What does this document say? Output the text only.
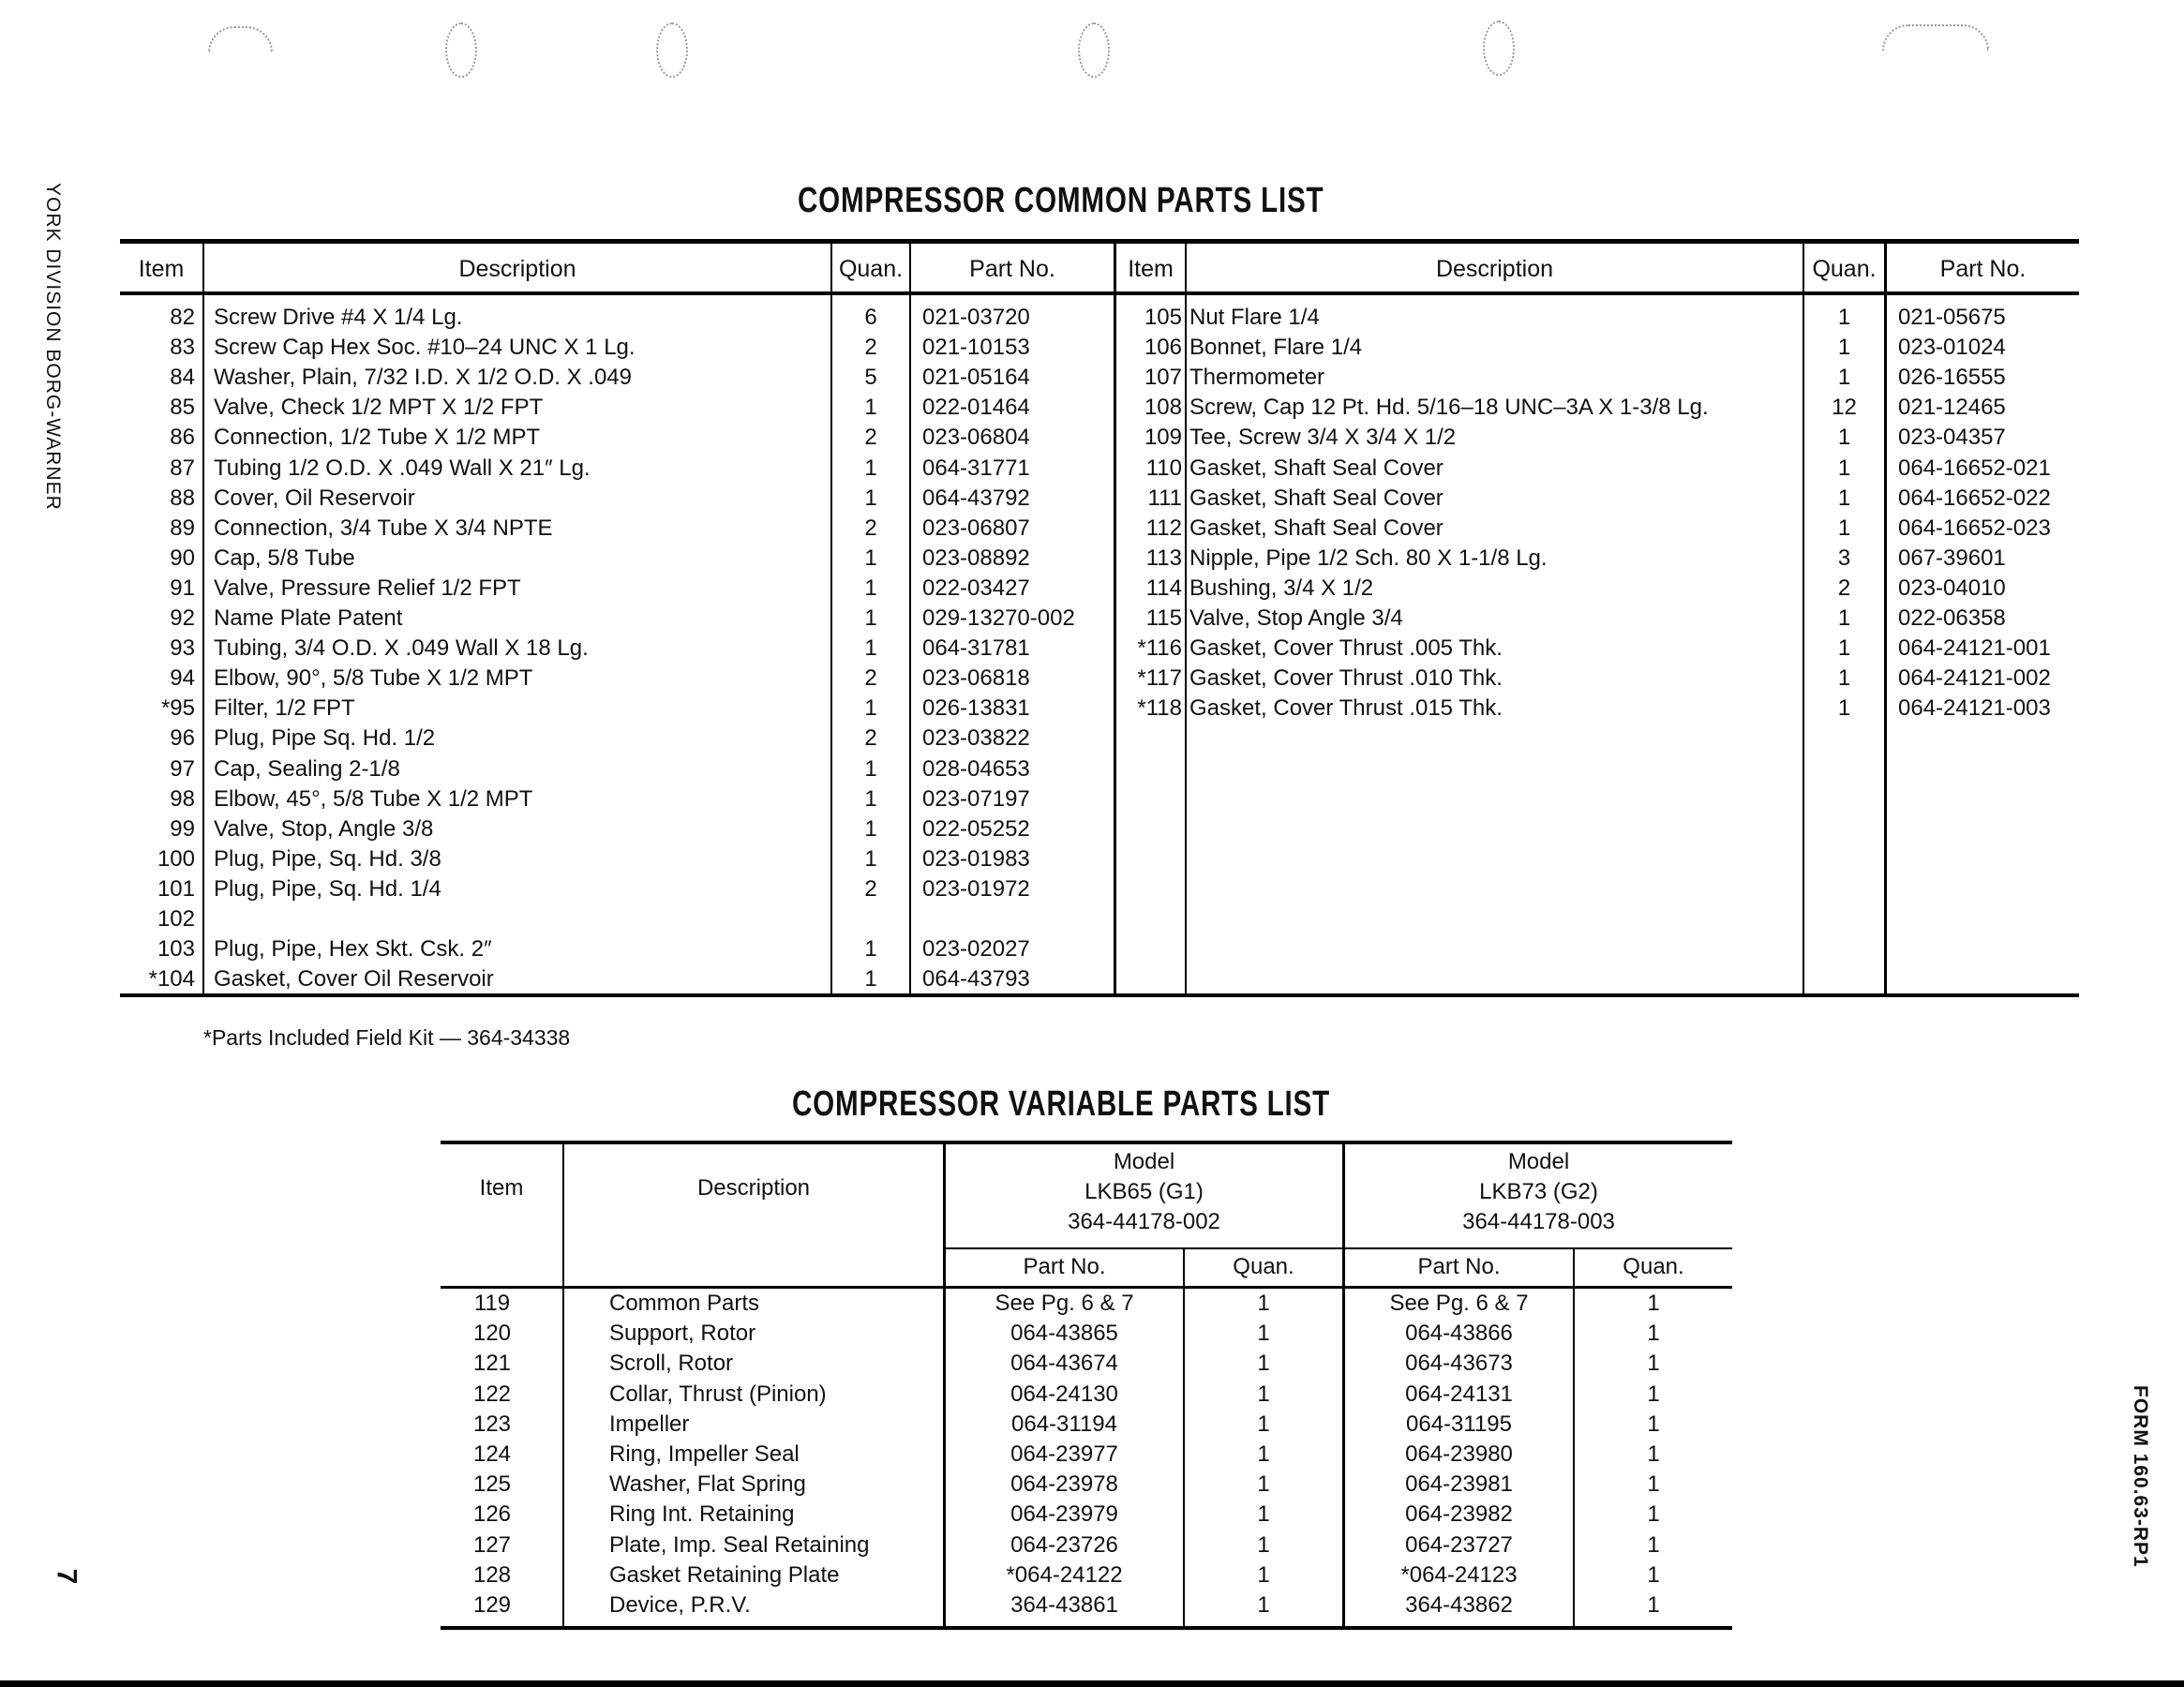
YORK DIVISION BORG-WARNER
FORM 160.63-RP1
7
COMPRESSOR COMMON PARTS LIST
Item	Description	Quan.	Part No.	Item	Description	Quan.	Part No.
82 Screw Drive #4 X 1/4 Lg.	6	021-03720
83 Screw Cap Hex Soc. #10–24 UNC X 1 Lg.	2	021-10153
84 Washer, Plain, 7/32 I.D. X 1/2 O.D. X .049	5	021-05164
85 Valve, Check 1/2 MPT X 1/2 FPT	1	022-01464
86 Connection, 1/2 Tube X 1/2 MPT	2	023-06804
87 Tubing 1/2 O.D. X .049 Wall X 21″ Lg.	1	064-31771
88 Cover, Oil Reservoir	1	064-43792
89 Connection, 3/4 Tube X 3/4 NPTE	2	023-06807
90 Cap, 5/8 Tube	1	023-08892
91 Valve, Pressure Relief 1/2 FPT	1	022-03427
92 Name Plate Patent	1	029-13270-002
93 Tubing, 3/4 O.D. X .049 Wall X 18 Lg.	1	064-31781
94 Elbow, 90°, 5/8 Tube X 1/2 MPT	2	023-06818
*95 Filter, 1/2 FPT	1	026-13831
96 Plug, Pipe Sq. Hd. 1/2	2	023-03822
97 Cap, Sealing 2-1/8	1	028-04653
98 Elbow, 45°, 5/8 Tube X 1/2 MPT	1	023-07197
99 Valve, Stop, Angle 3/8	1	022-05252
100 Plug, Pipe, Sq. Hd. 3/8	1	023-01983
101 Plug, Pipe, Sq. Hd. 1/4	2	023-01972
102
103 Plug, Pipe, Hex Skt. Csk. 2″	1	023-02027
*104 Gasket, Cover Oil Reservoir	1	064-43793
105 Nut Flare 1/4	1	021-05675
106 Bonnet, Flare 1/4	1	023-01024
107 Thermometer	1	026-16555
108 Screw, Cap 12 Pt. Hd. 5/16–18 UNC–3A X 1-3/8 Lg.	12	021-12465
109 Tee, Screw 3/4 X 3/4 X 1/2	1	023-04357
110 Gasket, Shaft Seal Cover	1	064-16652-021
111 Gasket, Shaft Seal Cover	1	064-16652-022
112 Gasket, Shaft Seal Cover	1	064-16652-023
113 Nipple, Pipe 1/2 Sch. 80 X 1-1/8 Lg.	3	067-39601
114 Bushing, 3/4 X 1/2	2	023-04010
115 Valve, Stop Angle 3/4	1	022-06358
*116 Gasket, Cover Thrust .005 Thk.	1	064-24121-001
*117 Gasket, Cover Thrust .010 Thk.	1	064-24121-002
*118 Gasket, Cover Thrust .015 Thk.	1	064-24121-003
*Parts Included Field Kit — 364-34338
COMPRESSOR VARIABLE PARTS LIST
Item	Description
Model
LKB65 (G1)
364-44178-002
Model
LKB73 (G2)
364-44178-003
Part No.	Quan.	Part No.	Quan.
119	Common Parts	See Pg. 6 & 7	1	See Pg. 6 & 7	1
120	Support, Rotor	064-43865	1	064-43866	1
121	Scroll, Rotor	064-43674	1	064-43673	1
122	Collar, Thrust (Pinion)	064-24130	1	064-24131	1
123	Impeller	064-31194	1	064-31195	1
124	Ring, Impeller Seal	064-23977	1	064-23980	1
125	Washer, Flat Spring	064-23978	1	064-23981	1
126	Ring Int. Retaining	064-23979	1	064-23982	1
127	Plate, Imp. Seal Retaining	064-23726	1	064-23727	1
128	Gasket Retaining Plate	*064-24122	1	*064-24123	1
129	Device, P.R.V.	364-43861	1	364-43862	1
